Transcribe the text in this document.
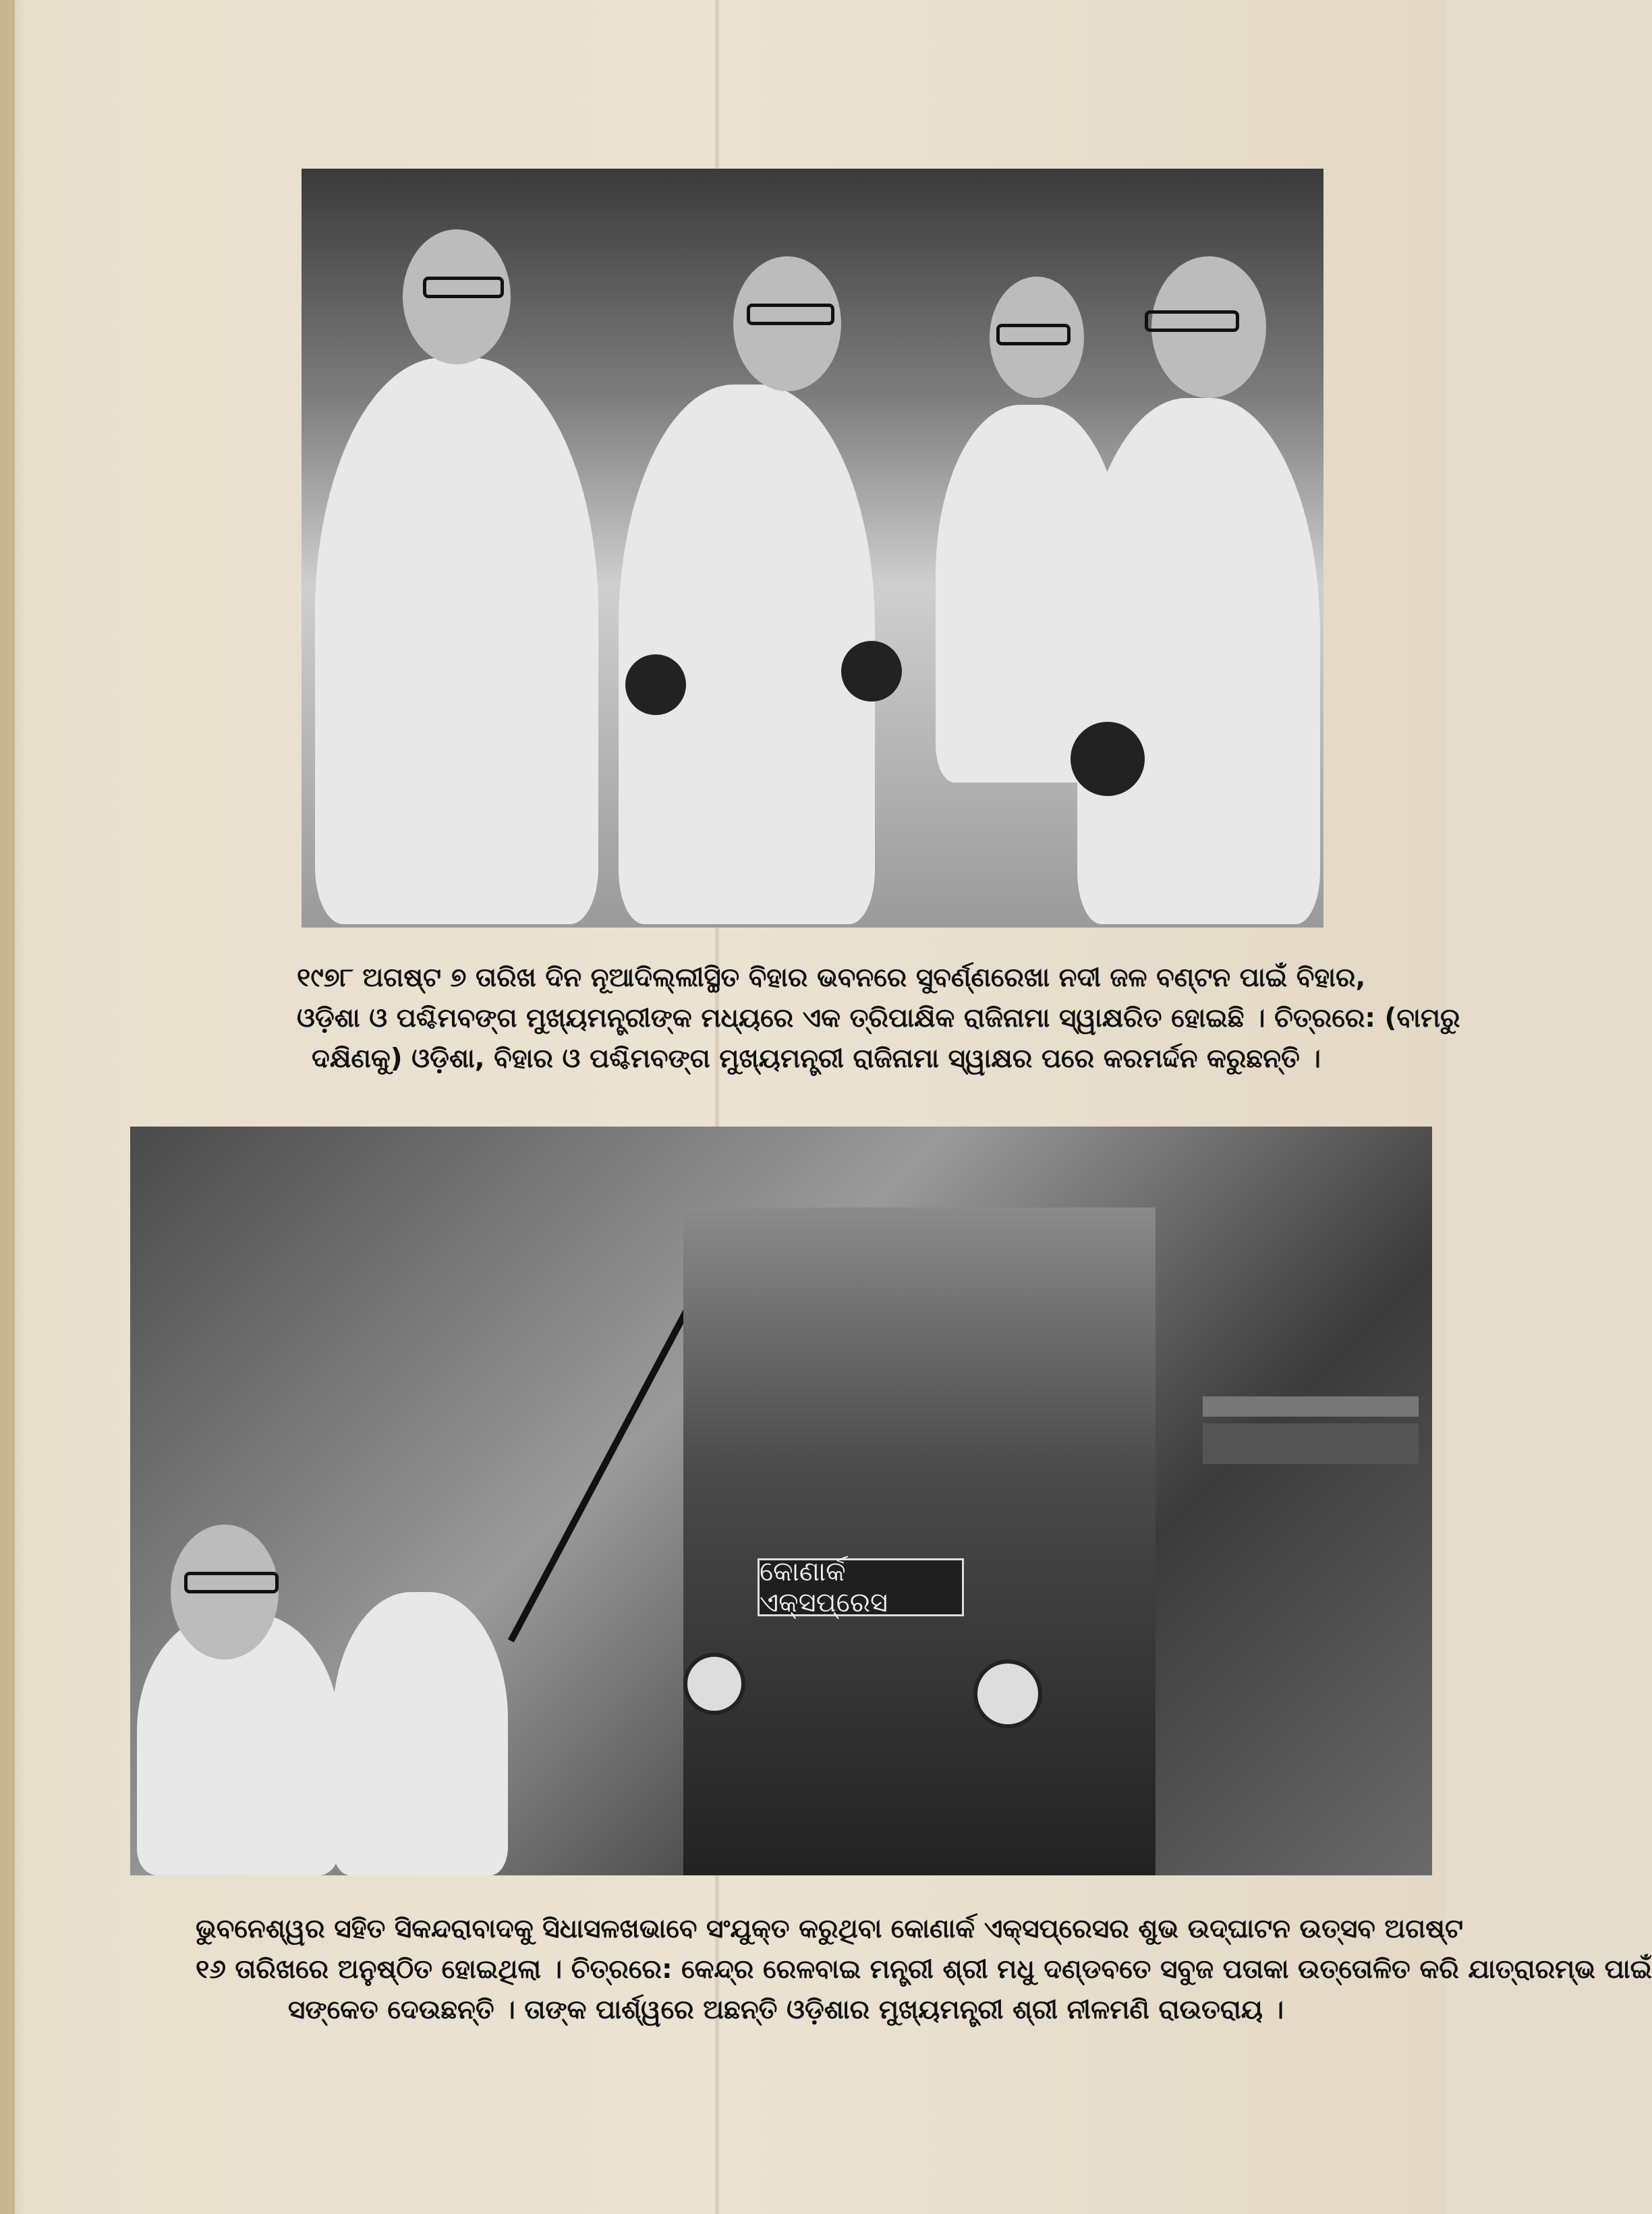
୧୯୭୮ ଅଗଷ୍ଟ ୭ ତାରିଖ ଦିନ ନୂଆଦିଲ୍ଲୀସ୍ଥିତ ବିହାର ଭବନରେ ସୁବର୍ଣ୍ଣରେଖା ନଦୀ ଜଳ ବଣ୍ଟନ ପାଇଁ ବିହାର,
ଓଡ଼ିଶା ଓ ପଶ୍ଚିମବଙ୍ଗ ମୁଖ୍ୟମନ୍ତ୍ରୀଙ୍କ ମଧ୍ୟରେ ଏକ ତ୍ରିପାକ୍ଷିକ ରାଜିନାମା ସ୍ୱାକ୍ଷରିତ ହୋଇଛି । ଚିତ୍ରରେ: (ବାମରୁ
ଦକ୍ଷିଣକୁ) ଓଡ଼ିଶା, ବିହାର ଓ ପଶ୍ଚିମବଙ୍ଗ ମୁଖ୍ୟମନ୍ତ୍ରୀ ରାଜିନାମା ସ୍ୱାକ୍ଷର ପରେ କରମର୍ଦ୍ଦନ କରୁଛନ୍ତି ।
କୋଣାର୍କ ଏକ୍ସପ୍ରେସ
ଭୁବନେଶ୍ୱର ସହିତ ସିକନ୍ଦରାବାଦକୁ ସିଧାସଳଖଭାବେ ସଂଯୁକ୍ତ କରୁଥିବା କୋଣାର୍କ ଏକ୍ସପ୍ରେସର ଶୁଭ ଉଦ୍‌ଘାଟନ ଉତ୍ସବ ଅଗଷ୍ଟ
୧୬ ତାରିଖରେ ଅନୁଷ୍ଠିତ ହୋଇଥିଲା । ଚିତ୍ରରେ: କେନ୍ଦ୍ର ରେଳବାଇ ମନ୍ତ୍ରୀ ଶ୍ରୀ ମଧୁ ଦଣ୍ଡବତେ ସବୁଜ ପତାକା ଉତ୍ତୋଳିତ କରି ଯାତ୍ରାରମ୍ଭ ପାଇଁ
ସଙ୍କେତ ଦେଉଛନ୍ତି । ତାଙ୍କ ପାର୍ଶ୍ୱରେ ଅଛନ୍ତି ଓଡ଼ିଶାର ମୁଖ୍ୟମନ୍ତ୍ରୀ ଶ୍ରୀ ନୀଳମଣି ରାଉତରାୟ ।
